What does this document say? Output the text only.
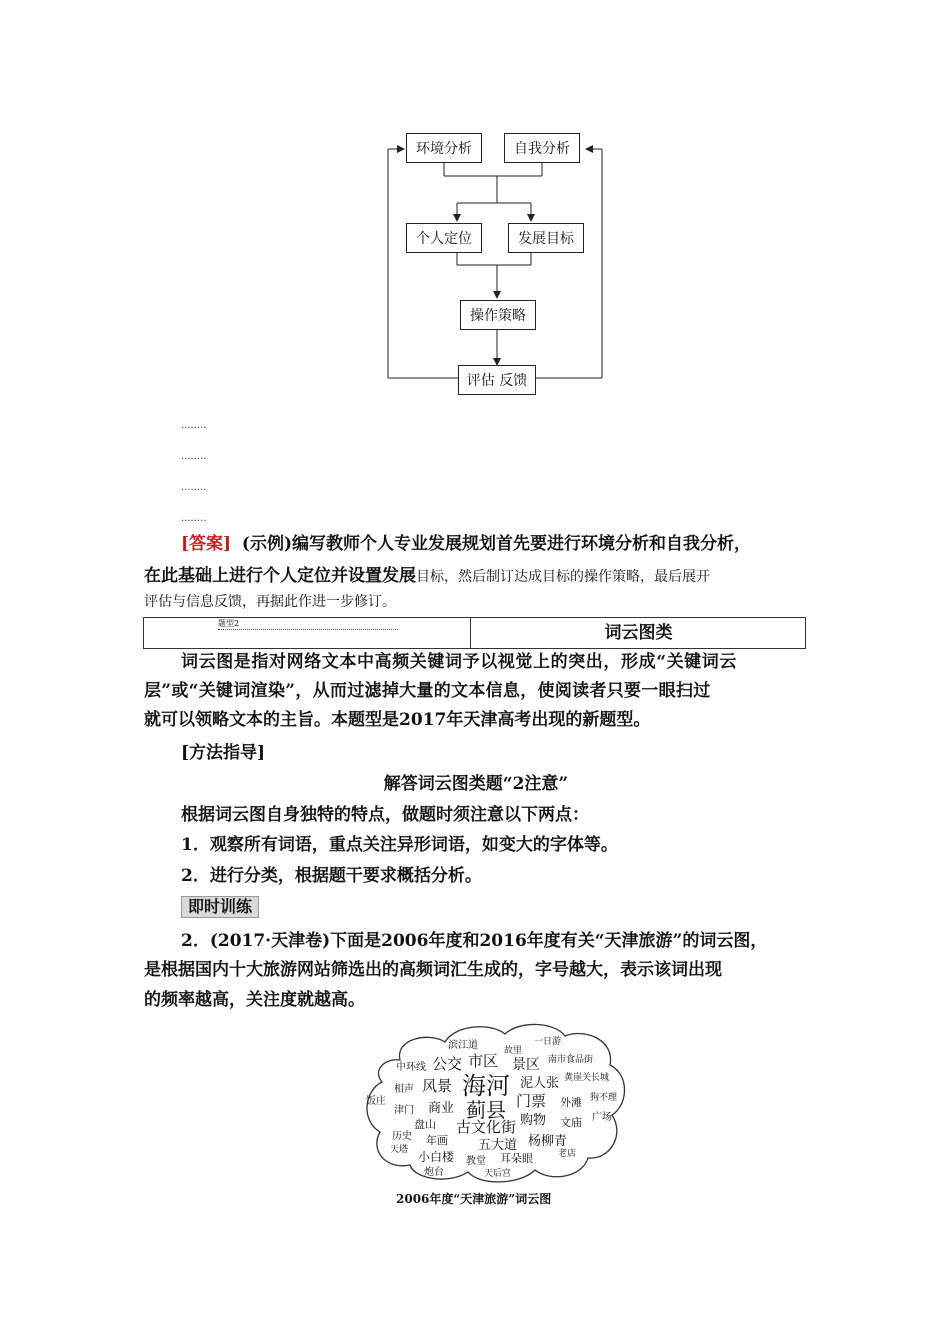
环境分析	自我分析
个人定位	发展目标
操作策略
评估 反馈
........
........
........
........
[答案] (示例)编写教师个人专业发展规划首先要进行环境分析和自我分析，
在此基础上进行个人定位并设置发展目标，然后制订达成目标的操作策略，最后展开
评估与信息反馈，再据此作进一步修订。
题型2	词云图类
词云图是指对网络文本中高频关键词予以视觉上的突出，形成“关键词云
层”或“关键词渲染”，从而过滤掉大量的文本信息，使阅读者只要一眼扫过
就可以领略文本的主旨。本题型是2017年天津高考出现的新题型。
[方法指导]
解答词云图类题“2注意”
根据词云图自身独特的特点，做题时须注意以下两点：
1．观察所有词语，重点关注异形词语，如变大的字体等。
2．进行分类，根据题干要求概括分析。
即时训练
2．(2017·天津卷)下面是2006年度和2016年度有关“天津旅游”的词云图，
是根据国内十大旅游网站筛选出的高频词汇生成的，字号越大，表示该词出现
的频率越高，关注度就越高。
滨江道	故里
一日游
中环线 公交 市区 景区 南市食品街
相声 风景 海河 泥人张 黄崖关长城
饭庄
津门 商业 蓟县 门票 外滩 狗不理
购物 文庙 广场
盘山
历史 年画
古文化街
天塔	五大道 杨柳青
小白楼 教堂 耳朵眼	老店
炮台	天后宫
2006年度“天津旅游”词云图
